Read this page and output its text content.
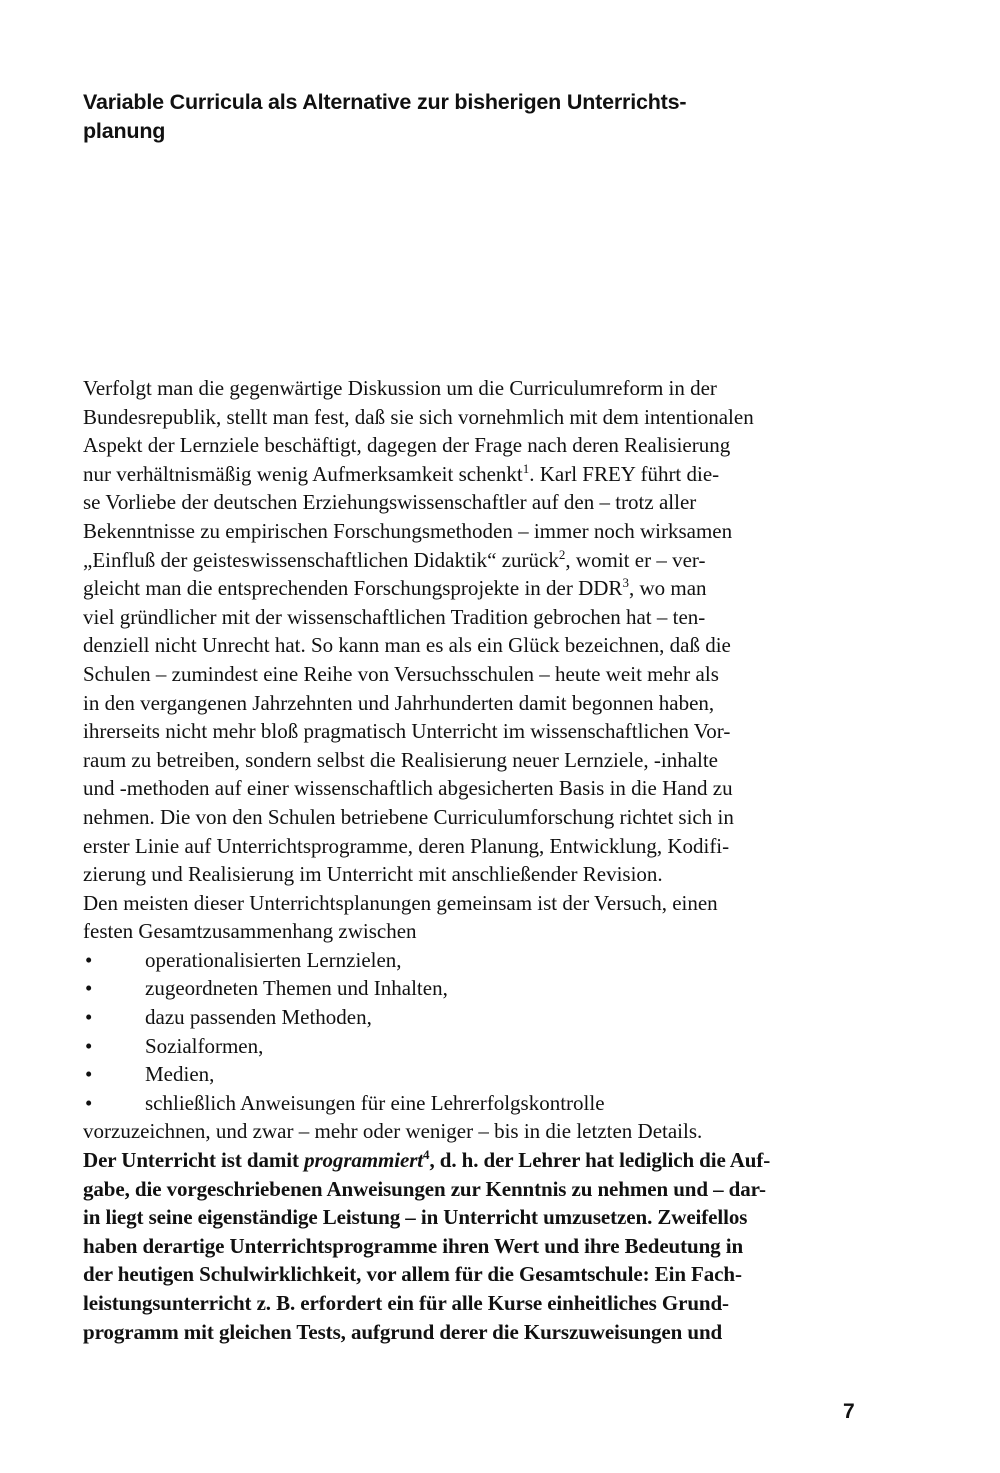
Variable Curricula als Alternative zur bisherigen Unterrichts-
planung
Verfolgt man die gegenwärtige Diskussion um die Curriculumreform in der
Bundesrepublik, stellt man fest, daß sie sich vornehmlich mit dem intentionalen
Aspekt der Lernziele beschäftigt, dagegen der Frage nach deren Realisierung
nur verhältnismäßig wenig Aufmerksamkeit schenkt$^1$. Karl FREY führt die-
se Vorliebe der deutschen Erziehungswissenschaftler auf den – trotz aller
Bekenntnisse zu empirischen Forschungsmethoden – immer noch wirksamen
„Einfluß der geisteswissenschaftlichen Didaktik“ zurück$^2$, womit er – ver-
gleicht man die entsprechenden Forschungsprojekte in der DDR$^3$, wo man
viel gründlicher mit der wissenschaftlichen Tradition gebrochen hat – ten-
denziell nicht Unrecht hat. So kann man es als ein Glück bezeichnen, daß die
Schulen – zumindest eine Reihe von Versuchsschulen – heute weit mehr als
in den vergangenen Jahrzehnten und Jahrhunderten damit begonnen haben,
ihrerseits nicht mehr bloß pragmatisch Unterricht im wissenschaftlichen Vor-
raum zu betreiben, sondern selbst die Realisierung neuer Lernziele, -inhalte
und -methoden auf einer wissenschaftlich abgesicherten Basis in die Hand zu
nehmen. Die von den Schulen betriebene Curriculumforschung richtet sich in
erster Linie auf Unterrichtsprogramme, deren Planung, Entwicklung, Kodifi-
zierung und Realisierung im Unterricht mit anschließender Revision.
Den meisten dieser Unterrichtsplanungen gemeinsam ist der Versuch, einen
festen Gesamtzusammenhang zwischen
•	operationalisierten Lernzielen,
•	zugeordneten Themen und Inhalten,
•	dazu passenden Methoden,
•	Sozialformen,
•	Medien,
•	schließlich Anweisungen für eine Lehrerfolgskontrolle
vorzuzeichnen, und zwar – mehr oder weniger – bis in die letzten Details.
Der Unterricht ist damit programmiert$^4$, d. h. der Lehrer hat lediglich die Auf-
gabe, die vorgeschriebenen Anweisungen zur Kenntnis zu nehmen und – dar-
in liegt seine eigenständige Leistung – in Unterricht umzusetzen. Zweifellos
haben derartige Unterrichtsprogramme ihren Wert und ihre Bedeutung in
der heutigen Schulwirklichkeit, vor allem für die Gesamtschule: Ein Fach-
leistungsunterricht z. B. erfordert ein für alle Kurse einheitliches Grund-
programm mit gleichen Tests, aufgrund derer die Kurszuweisungen und
7
